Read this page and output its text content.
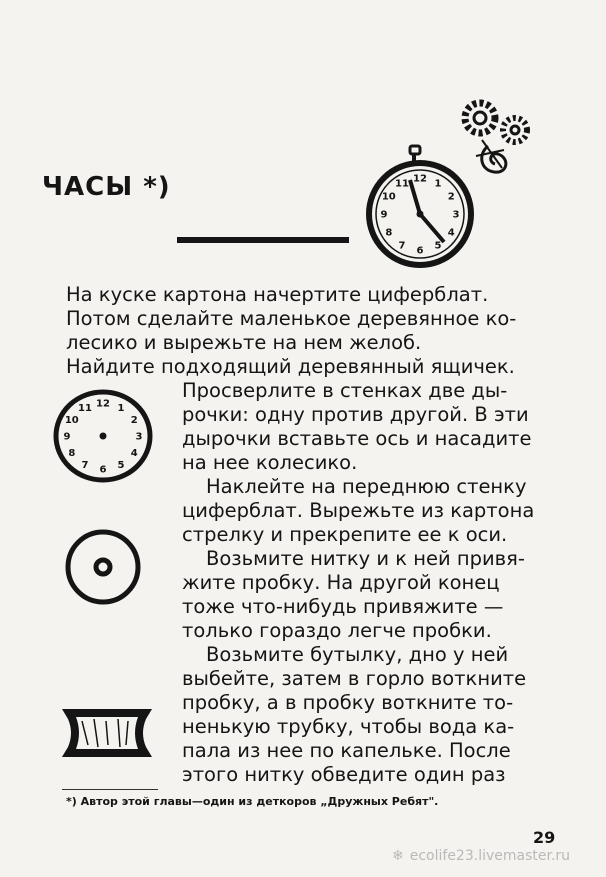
ЧАСЫ *)	12 1
2
3
4
5
6
7
8
9
10
11
12 1
2
3
4
5
6
7
8
9
10
11

На куске картона начертите циферблат.

Потом сделайте маленькое деревянное ко-

лесико и вырежьте на нем желоб.

Найдите подходящий деревянный ящичек.

Просверлите в стенках две ды-

рочки: одну против другой. В эти

дырочки вставьте ось и насадите

на нее колесико.

Наклейте на переднюю стенку

циферблат. Вырежьте из картона

стрелку и прекрепите ее к оси.

Возьмите нитку и к ней привя-

жите пробку. На другой конец

тоже что-нибудь привяжите —

только гораздо легче пробки.

Возьмите бутылку, дно у ней

выбейте, затем в горло воткните

пробку, а в пробку воткните то-

ненькую трубку, чтобы вода ка-

пала из нее по капельке. После

этого нитку обведите один раз

*) Автор этой главы—один из деткоров „Дружных Ребят".
29
❄ ecolife23.livemaster.ru
